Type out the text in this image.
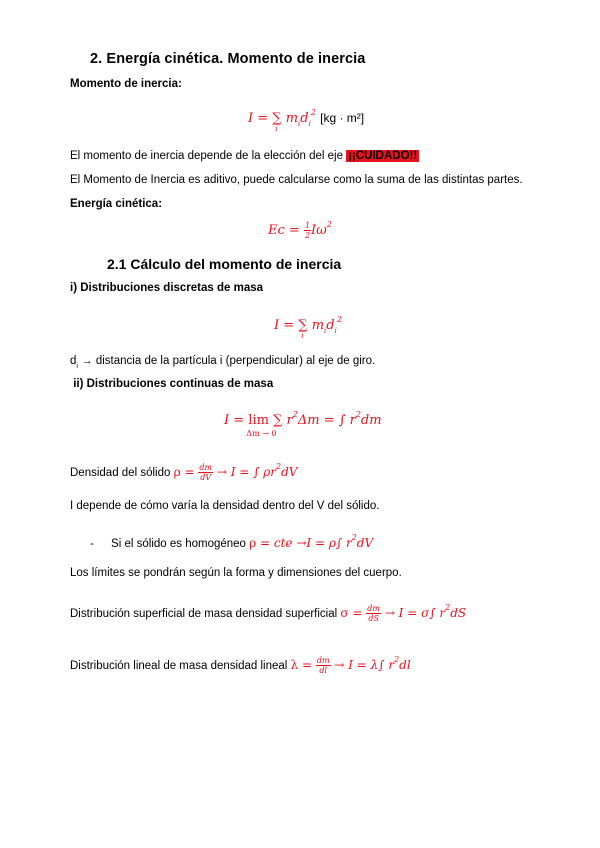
2. Energía cinética. Momento de inercia
Momento de inercia:
I = ∑
i
$m_id_i^2$ [kg · m²]
El momento de inercia depende de la elección del eje ¡¡CUIDADO!!
El Momento de Inercia es aditivo, puede calcularse como la suma de las distintas partes.
Energía cinética:
$Ec = \frac{1}{2} I\omega^2$
2.1 Cálculo del momento de inercia
i) Distribuciones discretas de masa
I = ∑
i
$m_id_i^2$
$d_i$ → distancia de la partícula i (perpendicular) al eje de giro.
ii) Distribuciones continuas de masa
I = lim
Δm → 0
∑ $r^2\Delta m$ = ∫ $r^2dm$
Densidad del sólido $\rho = \frac{dm}{dV} \to I$ = ∫ $\rho r^2dV$
I depende de cómo varía la densidad dentro del V del sólido.
- Si el sólido es homogéneo ρ = cte →I = ρ∫ $r^2dV$
Los límites se pondrán según la forma y dimensiones del cuerpo.
Distribución superficial de masa densidad superficial $\sigma = \frac{dm}{dS} \to I = \sigma\int$ $r^2dS$
Distribución lineal de masa densidad lineal $\lambda = \frac{dm}{dl} \to I = \lambda\int$ $r^2dl$
